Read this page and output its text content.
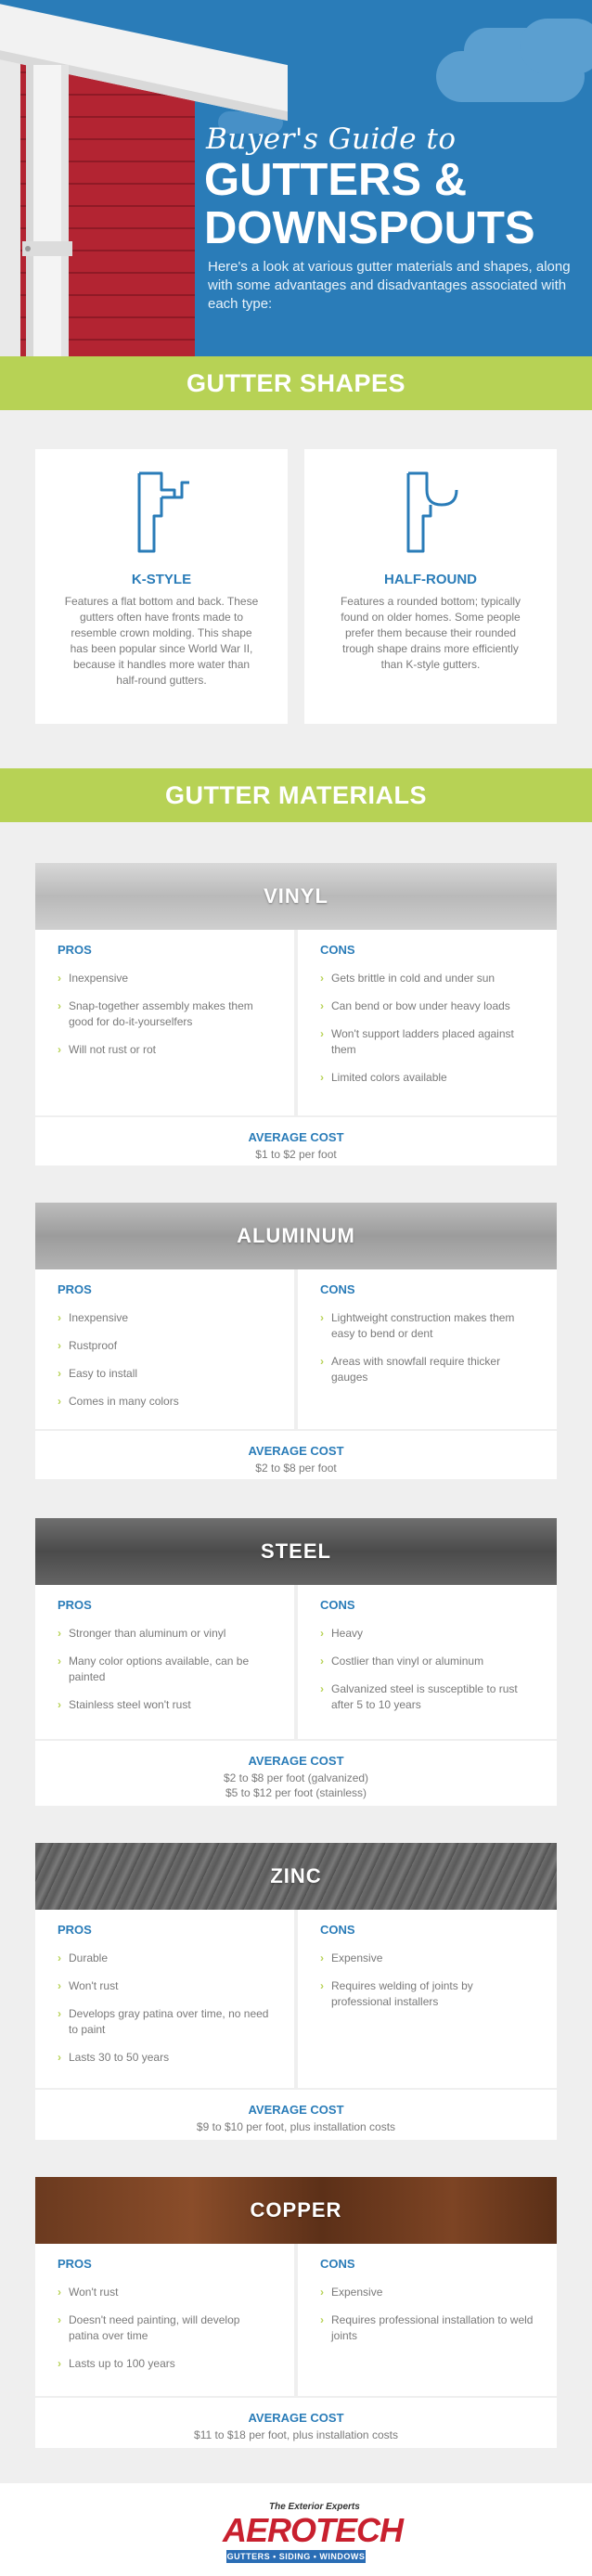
Buyer's Guide to
GUTTERS &
DOWNSPOUTS
Here's a look at various gutter materials and shapes, along with some advantages and disadvantages associated with each type:
GUTTER SHAPES
K-STYLE
Features a flat bottom and back. These gutters often have fronts made to resemble crown molding. This shape has been popular since World War II, because it handles more water than half-round gutters.
HALF-ROUND
Features a rounded bottom; typically found on older homes. Some people prefer them because their rounded trough shape drains more efficiently than K-style gutters.
GUTTER MATERIALS
VINYL
PROS
› Inexpensive
› Snap-together assembly makes them good for do-it-yourselfers
› Will not rust or rot
CONS
› Gets brittle in cold and under sun
› Can bend or bow under heavy loads
› Won't support ladders placed against them
› Limited colors available
AVERAGE COST
$1 to $2 per foot
ALUMINUM
PROS
› Inexpensive
› Rustproof
› Easy to install
› Comes in many colors
CONS
› Lightweight construction makes them easy to bend or dent
› Areas with snowfall require thicker gauges
AVERAGE COST
$2 to $8 per foot
STEEL
PROS
› Stronger than aluminum or vinyl
› Many color options available, can be painted
› Stainless steel won't rust
CONS
› Heavy
› Costlier than vinyl or aluminum
› Galvanized steel is susceptible to rust after 5 to 10 years
AVERAGE COST
$2 to $8 per foot (galvanized)
$5 to $12 per foot (stainless)
ZINC
PROS
› Durable
› Won't rust
› Develops gray patina over time, no need to paint
› Lasts 30 to 50 years
CONS
› Expensive
› Requires welding of joints by professional installers
AVERAGE COST
$9 to $10 per foot, plus installation costs
COPPER
PROS
› Won't rust
› Doesn't need painting, will develop patina over time
› Lasts up to 100 years
CONS
› Expensive
› Requires professional installation to weld joints
AVERAGE COST
$11 to $18 per foot, plus installation costs
The Exterior Experts
AEROTECH
GUTTERS • SIDING • WINDOWS
